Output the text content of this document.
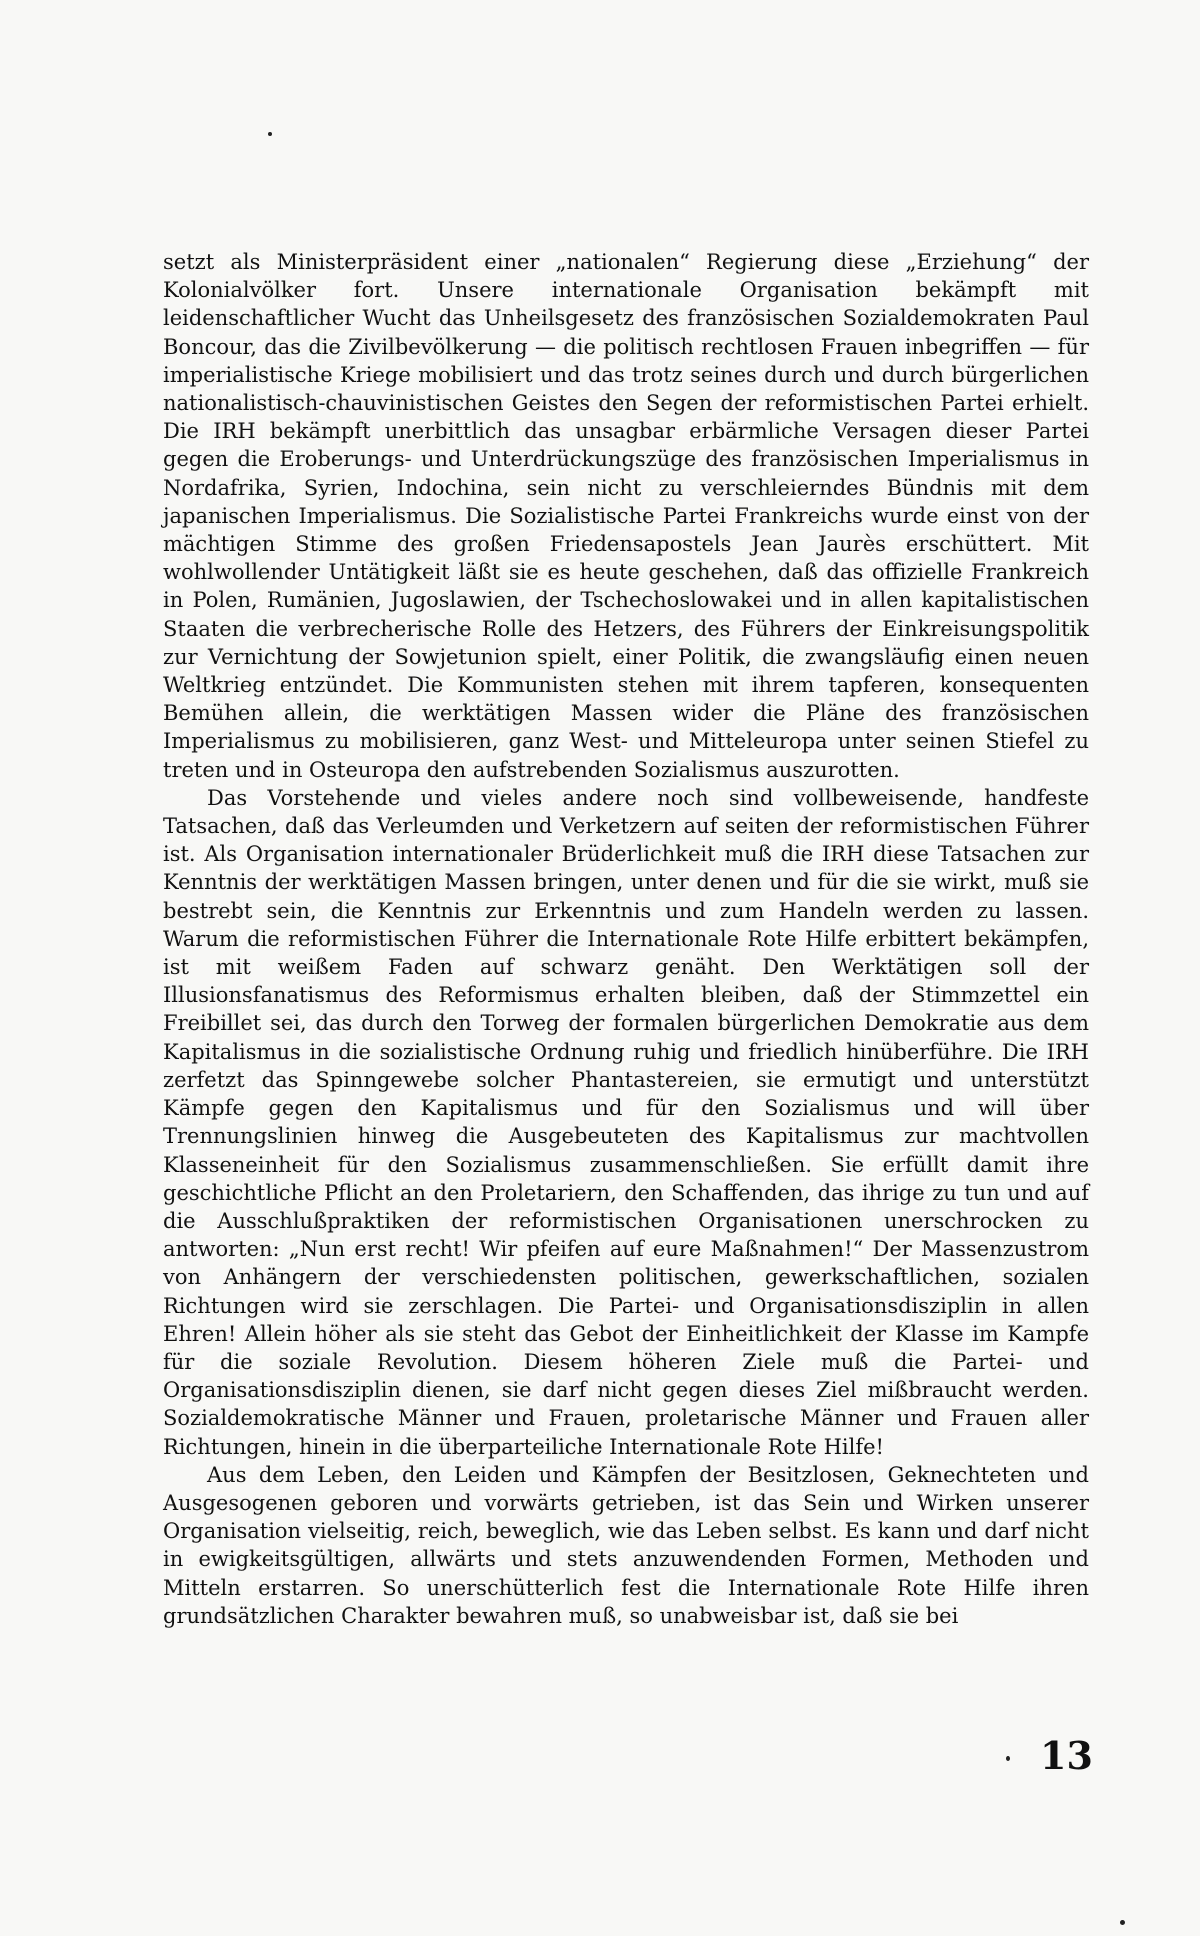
setzt als Ministerpräsident einer „nationalen“ Regierung diese „Erziehung“ der Kolonialvölker fort. Unsere internationale Organisation bekämpft mit leidenschaftlicher Wucht das Unheilsgesetz des französischen Sozialdemokraten Paul Boncour, das die Zivilbevölkerung — die politisch rechtlosen Frauen inbegriffen — für imperialistische Kriege mobilisiert und das trotz seines durch und durch bürgerlichen nationalistisch-chauvinistischen Geistes den Segen der reformistischen Partei erhielt. Die IRH bekämpft unerbittlich das unsagbar erbärmliche Versagen dieser Partei gegen die Eroberungs- und Unterdrückungszüge des französischen Imperialismus in Nordafrika, Syrien, Indochina, sein nicht zu verschleierndes Bündnis mit dem japanischen Imperialismus. Die Sozialistische Partei Frankreichs wurde einst von der mächtigen Stimme des großen Friedensapostels Jean Jaurès erschüttert. Mit wohlwollender Untätigkeit läßt sie es heute geschehen, daß das offizielle Frankreich in Polen, Rumänien, Jugoslawien, der Tschechoslowakei und in allen kapitalistischen Staaten die verbrecherische Rolle des Hetzers, des Führers der Einkreisungspolitik zur Vernichtung der Sowjetunion spielt, einer Politik, die zwangsläufig einen neuen Weltkrieg entzündet. Die Kommunisten stehen mit ihrem tapferen, konsequenten Bemühen allein, die werktätigen Massen wider die Pläne des französischen Imperialismus zu mobilisieren, ganz West- und Mitteleuropa unter seinen Stiefel zu treten und in Osteuropa den aufstrebenden Sozialismus auszurotten.

Das Vorstehende und vieles andere noch sind vollbeweisende, handfeste Tatsachen, daß das Verleumden und Verketzern auf seiten der reformistischen Führer ist. Als Organisation internationaler Brüderlichkeit muß die IRH diese Tatsachen zur Kenntnis der werktätigen Massen bringen, unter denen und für die sie wirkt, muß sie bestrebt sein, die Kenntnis zur Erkenntnis und zum Handeln werden zu lassen. Warum die reformistischen Führer die Internationale Rote Hilfe erbittert bekämpfen, ist mit weißem Faden auf schwarz genäht. Den Werktätigen soll der Illusionsfanatismus des Reformismus erhalten bleiben, daß der Stimmzettel ein Freibillet sei, das durch den Torweg der formalen bürgerlichen Demokratie aus dem Kapitalismus in die sozialistische Ordnung ruhig und friedlich hinüberführe. Die IRH zerfetzt das Spinngewebe solcher Phantastereien, sie ermutigt und unterstützt Kämpfe gegen den Kapitalismus und für den Sozialismus und will über Trennungslinien hinweg die Ausgebeuteten des Kapitalismus zur machtvollen Klasseneinheit für den Sozialismus zusammenschließen. Sie erfüllt damit ihre geschichtliche Pflicht an den Proletariern, den Schaffenden, das ihrige zu tun und auf die Ausschlußpraktiken der reformistischen Organisationen unerschrocken zu antworten: „Nun erst recht! Wir pfeifen auf eure Maßnahmen!“ Der Massenzustrom von Anhängern der verschiedensten politischen, gewerkschaftlichen, sozialen Richtungen wird sie zerschlagen. Die Partei- und Organisationsdisziplin in allen Ehren! Allein höher als sie steht das Gebot der Einheitlichkeit der Klasse im Kampfe für die soziale Revolution. Diesem höheren Ziele muß die Partei- und Organisationsdisziplin dienen, sie darf nicht gegen dieses Ziel mißbraucht werden. Sozialdemokratische Männer und Frauen, proletarische Männer und Frauen aller Richtungen, hinein in die überparteiliche Internationale Rote Hilfe!

Aus dem Leben, den Leiden und Kämpfen der Besitzlosen, Geknechteten und Ausgesogenen geboren und vorwärts getrieben, ist das Sein und Wirken unserer Organisation vielseitig, reich, beweglich, wie das Leben selbst. Es kann und darf nicht in ewigkeitsgültigen, allwärts und stets anzuwendenden Formen, Methoden und Mitteln erstarren. So unerschütterlich fest die Internationale Rote Hilfe ihren grundsätzlichen Charakter bewahren muß, so unabweisbar ist, daß sie bei

13
